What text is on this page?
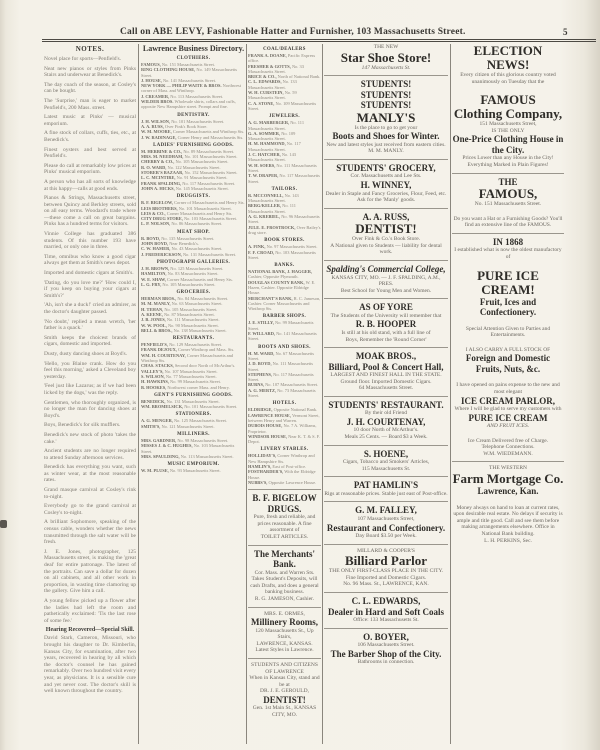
Call on ABE LEVY, Fashionable Hatter and Furnisher, 103 Massachusetts Street.	5
NOTES.
Novel place for sports—Penfield's.
Neat new pianos or styles from Pinks Stairs and underwear at Benedick's.
The day coach of the season, at Cosley's can be bought.
The 'Surprise,' man is eager to market Penfield's, 200 Mass. street.
Latest music at Pinks' — musical emporium.
A fine stock of collars, cuffs, ties, etc., at Benedick's.
Finest oysters and best served at Penfield's.
Please do call at remarkably low prices at Pinks' musical emporium.
A person who has all sorts of knowledge at this happy—calls at good ends.
Pianos & Strings, Massachusetts street, between Quincy and Berkley streets, sold on all easy terms. Woodard's trade where—these come a call on great bargains. Pinks has a hundred terms for visitors.
Vinnie College has graduated 386 students. Of this number 193 have married, or only one in three.
Time, omnibus who know a good cigar always get them at Smith's news depot.
Imported and domestic cigars at Smith's.
'Dating, do you love me?' 'How could I, if you keep on buying your cigars at Smith's?'
'Ah, isn't she a duck!' cried an admirer, as the doctor's daughter passed.
'No doubt,' replied a mean wretch, 'her father is a quack.'
Smith keeps the choicest brands of cigars, domestic and imported.
Dusty, dusty dancing shoes at Boyd's.
'Hello, you Blaine crank. How do you feel this morning,' asked a Cleveland boy yesterday.
'Feel just like Lazarus; as if we had been licked by the dogs,' was the reply.
Gentlemen, who thoroughly organized, is no longer the man for dancing shoes at Boyd's.
Boys, Benedick's for silk mufflers.
Benedick's new stock of photo 'takes the cake.'
Ancient students are no longer required to attend Sunday afternoon services.
Benedick has everything you want, such as winter wear, at the most reasonable rates.
Grand masque carnival at Cosley's rink to-night.
Everybody go to the grand carnival at Cosley's to-night.
A brilliant Sophomore, speaking of the census cable, wonders whether the news transmitted through the salt water will be fresh.
J. E. Jones, photographer, 125 Massachusetts street, is making the 'great deal' for entire patronage. The latest of the portraits. Can save a dollar for dozen on all cabinets, and all other work in proportion, in wasting time clamoring up the gallery. Give him a call.
A young fellow picked up a flower after the ladies had left the room and pathetically exclaimed: 'Tis the last rose of some fee.'
Hearing Recovered—Special Skill.
David Stark, Cameron, Missouri, who brought his daughter to Dr. Kimberlin, Kansas City, for examination, after two years, recovered in hearing by all which the doctor's counsel he has gained remarkably. Over two hundred visit every year, as physicians. It is a sensible cure and yet never cost. The doctor's skill is well known throughout the country.
Lawrence Business Directory.
CLOTHIERS.
FAMOUS, No. 151 Massachusetts Street.
RING CLOTHING HOUSE, No. 149 Massachusetts Street.
J. HOUSE, No. 141 Massachusetts Street.
NEW YORK — PHILIP WAITE & BROS. Northwest corner of Mass. and Winthrop.
J. CREAMER, No. 113 Massachusetts Street.
WILDER BROS. Wholesale shirts, collars and cuffs, opposite New Hampshire street. Prompt and fine.
DENTISTRY.
J. H. WILSON, No. 101 Massachusetts Street.
A. A. RUSS, Over Fink's Book Store.
W. M. MOORE, Corner Massachusetts and Winthrop Sts.
J. W. RADINAGE, Corner Henry and Massachusetts Sts.
LADIES' FURNISHING GOODS.
M. HERBINE & CO., No. 89 Massachusetts Street.
MRS. M. NEEDHAM, No. 101 Massachusetts Street.
CHERRY & CO., No. 105 Massachusetts Street.
R. O. WARD, No. 122 Massachusetts Street.
STORER'S BAZAAR, No. 152 Massachusetts Street.
L. C. MCINTIRE, No. 91 Massachusetts Street.
FRANK SPALDING, No. 117 Massachusetts Street.
JOHN A. HICKS, No. 145 Massachusetts Street.
DRUGGISTS.
B. F. BIGELOW, Corner of Massachusetts and Henry Sts.
LEIS BROTHERS, No. 101 Massachusetts Street.
LEIS & CO., Corner Massachusetts and Henry Sts.
CITY DRUG STORE, No. 103 Massachusetts Street.
L. P. NOLSON, No. 86 Massachusetts Street.
MEAT SHOP.
R. BOYD, No. 135 Massachusetts Street.
JOHN BOYD, Near Benedick's.
C. W. HAMER, No. 43 Massachusetts Street.
J. FREDERICKSON, No. 131 Massachusetts Street.
PHOTOGRAPH GALLERIES.
J. H. BROWN, No. 125 Massachusetts Street.
HAMILTON, No. 83 Massachusetts Street.
W. E. SHAW, Corner Massachusetts and Henry Sts.
L. G. FRY, No. 105 Massachusetts Street.
GROCERIES.
HERMAN BROS., No. 84 Massachusetts Street.
M. M. MANLY, No. 63 Massachusetts Street.
H. TEHAN, No. 105 Massachusetts Street.
A. KEENE, No. 87 Massachusetts Street.
J. B. JONES, No. 111 Massachusetts Street.
W. W. POOL, No. 90 Massachusetts Street.
BELL & BROS., No. 138 Massachusetts Street.
RESTAURANTS.
PENFIELD'S, No. 129 Massachusetts Street.
FRANK DEJOUX, Corner Winthrop and Mass. Sts.
WM. H. COURTENAY, Corner Massachusetts and Winthrop Sts.
CHAS. STACKS, Second door North of McArthur's.
VALLEY'S, No. 107 Massachusetts Street.
S. WILSON, No. 77 Massachusetts Street.
H. HAWKINS, No. 99 Massachusetts Street.
B. HOOKES, Northwest corner Mass. and Henry.
GENT'S FURNISHING GOODS.
BENEDICK, No. 131 Massachusetts Street.
WM. BROMELSICK, No. 101 Massachusetts Street.
STATIONERS.
A. G. MENGER, No. 125 Massachusetts Street.
SMITH'S, No. 121 Massachusetts Street.
MILLINERS.
MRS. GARDNER, No. 98 Massachusetts Street.
MISSES J. & C. HUGHES, No. 103 Massachusetts Street.
MRS. SPAULDING, No. 113 Massachusetts Street.
MUSIC EMPORIUM.
W. M. PLUSE, No. 93 Massachusetts Street.
COAL/DEALERS
FRANK A. DOANE, Pacific Express office.
FRESHER & GOTTS, No. 33 Massachusetts Street.
BRICE & CO., North of National Bank.
C. L. EDWARDS, No. 133 Massachusetts Street.
W. H. CURSTEIN, No. 59 Massachusetts Street.
C. A. STONE, No. 109 Massachusetts Street.
JEWELERS.
A. G. MARBERGER, No. 111 Massachusetts Street.
G. A. SOMMER, No. 109 Massachusetts Street.
H. M. HAMMOND, No. 117 Massachusetts Street.
J. C. HATCHER, No. 143 Massachusetts Street.
W. H. SOERS, No. 111 Massachusetts Street.
T. W. DRAPER, No. 117 Massachusetts Street.
TAILORS.
R. MCCONNELL, No. 143 Massachusetts Street.
BERG/KELLER, No. 111 Massachusetts Street.
A. G. KREBIEL, No. 96 Massachusetts Street.
JULE. E. FROSTROCK, Over Bailey's drug store.
BOOK STORES.
A. FINK, No. 97 Massachusetts Street.
F. F. CROAD, No. 103 Massachusetts Street.
BANKS.
NATIONAL BANK, J. HAGGER, Cashier, Opposite Plymouth.
DOUGLAS COUNTY BANK, W. E. Hazen, Cashier. Opposite Eldridge House.
MERCHANT'S BANK, R. C. Jameson, Cashier. Corner Massachusetts and Winthrop Sts.
BARBER SHOPS.
J. E. STILLY, No. 99 Massachusetts Street.
F. WILLARD, No. 141 Massachusetts Street.
BOOTS AND SHOES.
H. M. WARD, No. 67 Massachusetts Street.
J. D. BOYD, No. 111 Massachusetts Street.
STEPHENS, No. 117 Massachusetts Street.
BURNS, No. 107 Massachusetts Street.
A. G. MERTZ, No. 73 Massachusetts Street.
HOTELS.
ELDRIDGE, Opposite National Bank.
LAWRENCE HOUSE, Vermont Street, between Henry and Warren.
DUBOIS HOUSE, No. 7 A. Williams, Proprietor.
WINDSOR HOUSE, Near K. T. & S. F. Depot.
LIVERY STABLES.
HOLLIDAY'S, Corner Winthrop and New Hampshire Sts.
HAMLIN'S, East of Post-office.
FOSTHARDER'S, With the Eldridge House.
NUBBS'S, Opposite Lawrence House.
B. F. BIGELOW
DRUGS.
Pure, fresh and reliable, and prices reasonable. A fine assortment of
TOILET ARTICLES.
The Merchants' Bank.
Cor. Mass. and Warren Sts.
Takes Student's Deposits, will cash Drafts, and does a general banking business.
R. G. JAMESON, Cashier.
MRS. E. ORMES,
Millinery Rooms,
120 Massachusetts St., Up Stairs,
LAWRENCE, KANSAS.
Latest Styles in Lawrence.
STUDENTS AND CITIZENS OF LAWRENCE
When in Kansas City, stand and be at
DR. J. E. GEROULD,
DENTIST!
Gen. 1st Main St., KANSAS CITY, MO.
THE NEW
Star Shoe Store!
147 Massachusetts St.
STUDENTS!
STUDENTS!
STUDENTS!
MANLY'S
Is the place to go to get your
Boots and Shoes for Winter.
New and latest styles just received from eastern cities.
M. M. MANLY.
STUDENTS' GROCERY,
Cor. Massachusetts and Lee Sts.
H. WINNEY,
Dealer in Staple and Fancy Groceries, Flour, Feed, etc. Ask for the 'Manly' goods.
A. A. RUSS,
DENTIST!
Over Fink & Co.'s Book Store.
A National given to Students — liability for dental work.
Spalding's Commercial College,
KANSAS CITY, MO. — J. F. SPALDING, A.M., PRES.
Best School for Young Men and Women.
AS OF YORE
The Students of the University will remember that
R. B. HOOPER
Is still at his old stand, with a full line of
Boys, Remember the 'Round Corner'
MOAK BROS.,
Billiard, Pool & Concert Hall,
LARGEST AND FINEST HALL IN THE STATE.
Ground floor. Imported Domestic Cigars.
64 Massachusetts Street.
STUDENTS' RESTAURANT.
By their old Friend
J. H. COURTENAY,
10 door North of McArthur's.
Meals 25 Cents. — Board $3 a Week.
S. HOENE,
Cigars, Tobacco and Smokers' Articles,
115 Massachusetts St.
PAT HAMLIN'S
Rigs at reasonable prices. Stable just east of Post-office.
G. M. FALLEY,
107 Massachusetts Street,
Restaurant and Confectionery.
Day Board $3.50 per Week.
MILLARD & COOPER'S
Billiard Parlor
THE ONLY FIRST-CLASS PLACE IN THE CITY.
Fine Imported and Domestic Cigars.
No. 96 Mass. St., LAWRENCE, KAN.
C. L. EDWARDS,
Dealer in Hard and Soft Coals
Office: 133 Massachusetts St.
O. BOYER,
106 Massachusetts Street.
The Barber Shop of the City.
Bathrooms in connection.
ELECTION NEWS!
Every citizen of this glorious country voted unanimously on Tuesday that the
FAMOUS
Clothing Company,
151 Massachusetts Street,
IS THE ONLY
One-Price Clothing House in the City.
Prices Lower than any House in the City!
Everything Marked in Plain Figures!
THE
FAMOUS,
No. 151 Massachusetts Street.
Do you want a Hat or a Furnishing Goods? You'll find an extensive line of the FAMOUS.
IN 1868
I established what is now the oldest manufactory of
PURE ICE CREAM!
Fruit, Ices and Confectionery.
Special Attention Given to Parties and Entertainments.
I ALSO CARRY A FULL STOCK OF
Foreign and Domestic Fruits, Nuts, &c.
I have opened on pains expense to the new and most elegant
ICE CREAM PARLOR,
Where I will be glad to serve my customers with
PURE ICE CREAM
AND FRUIT ICES.
Ice Cream Delivered free of Charge.
Telephone Connections.
W.M. WIEDEMANN.
THE WESTERN
Farm Mortgage Co.
Lawrence, Kan.
Money always on hand to loan at current rates, upon desirable real estate. No delays if security is ample and title good. Call and see them before making arrangements elsewhere. Office in National Bank building.
L. H. PERKINS, Sec.
